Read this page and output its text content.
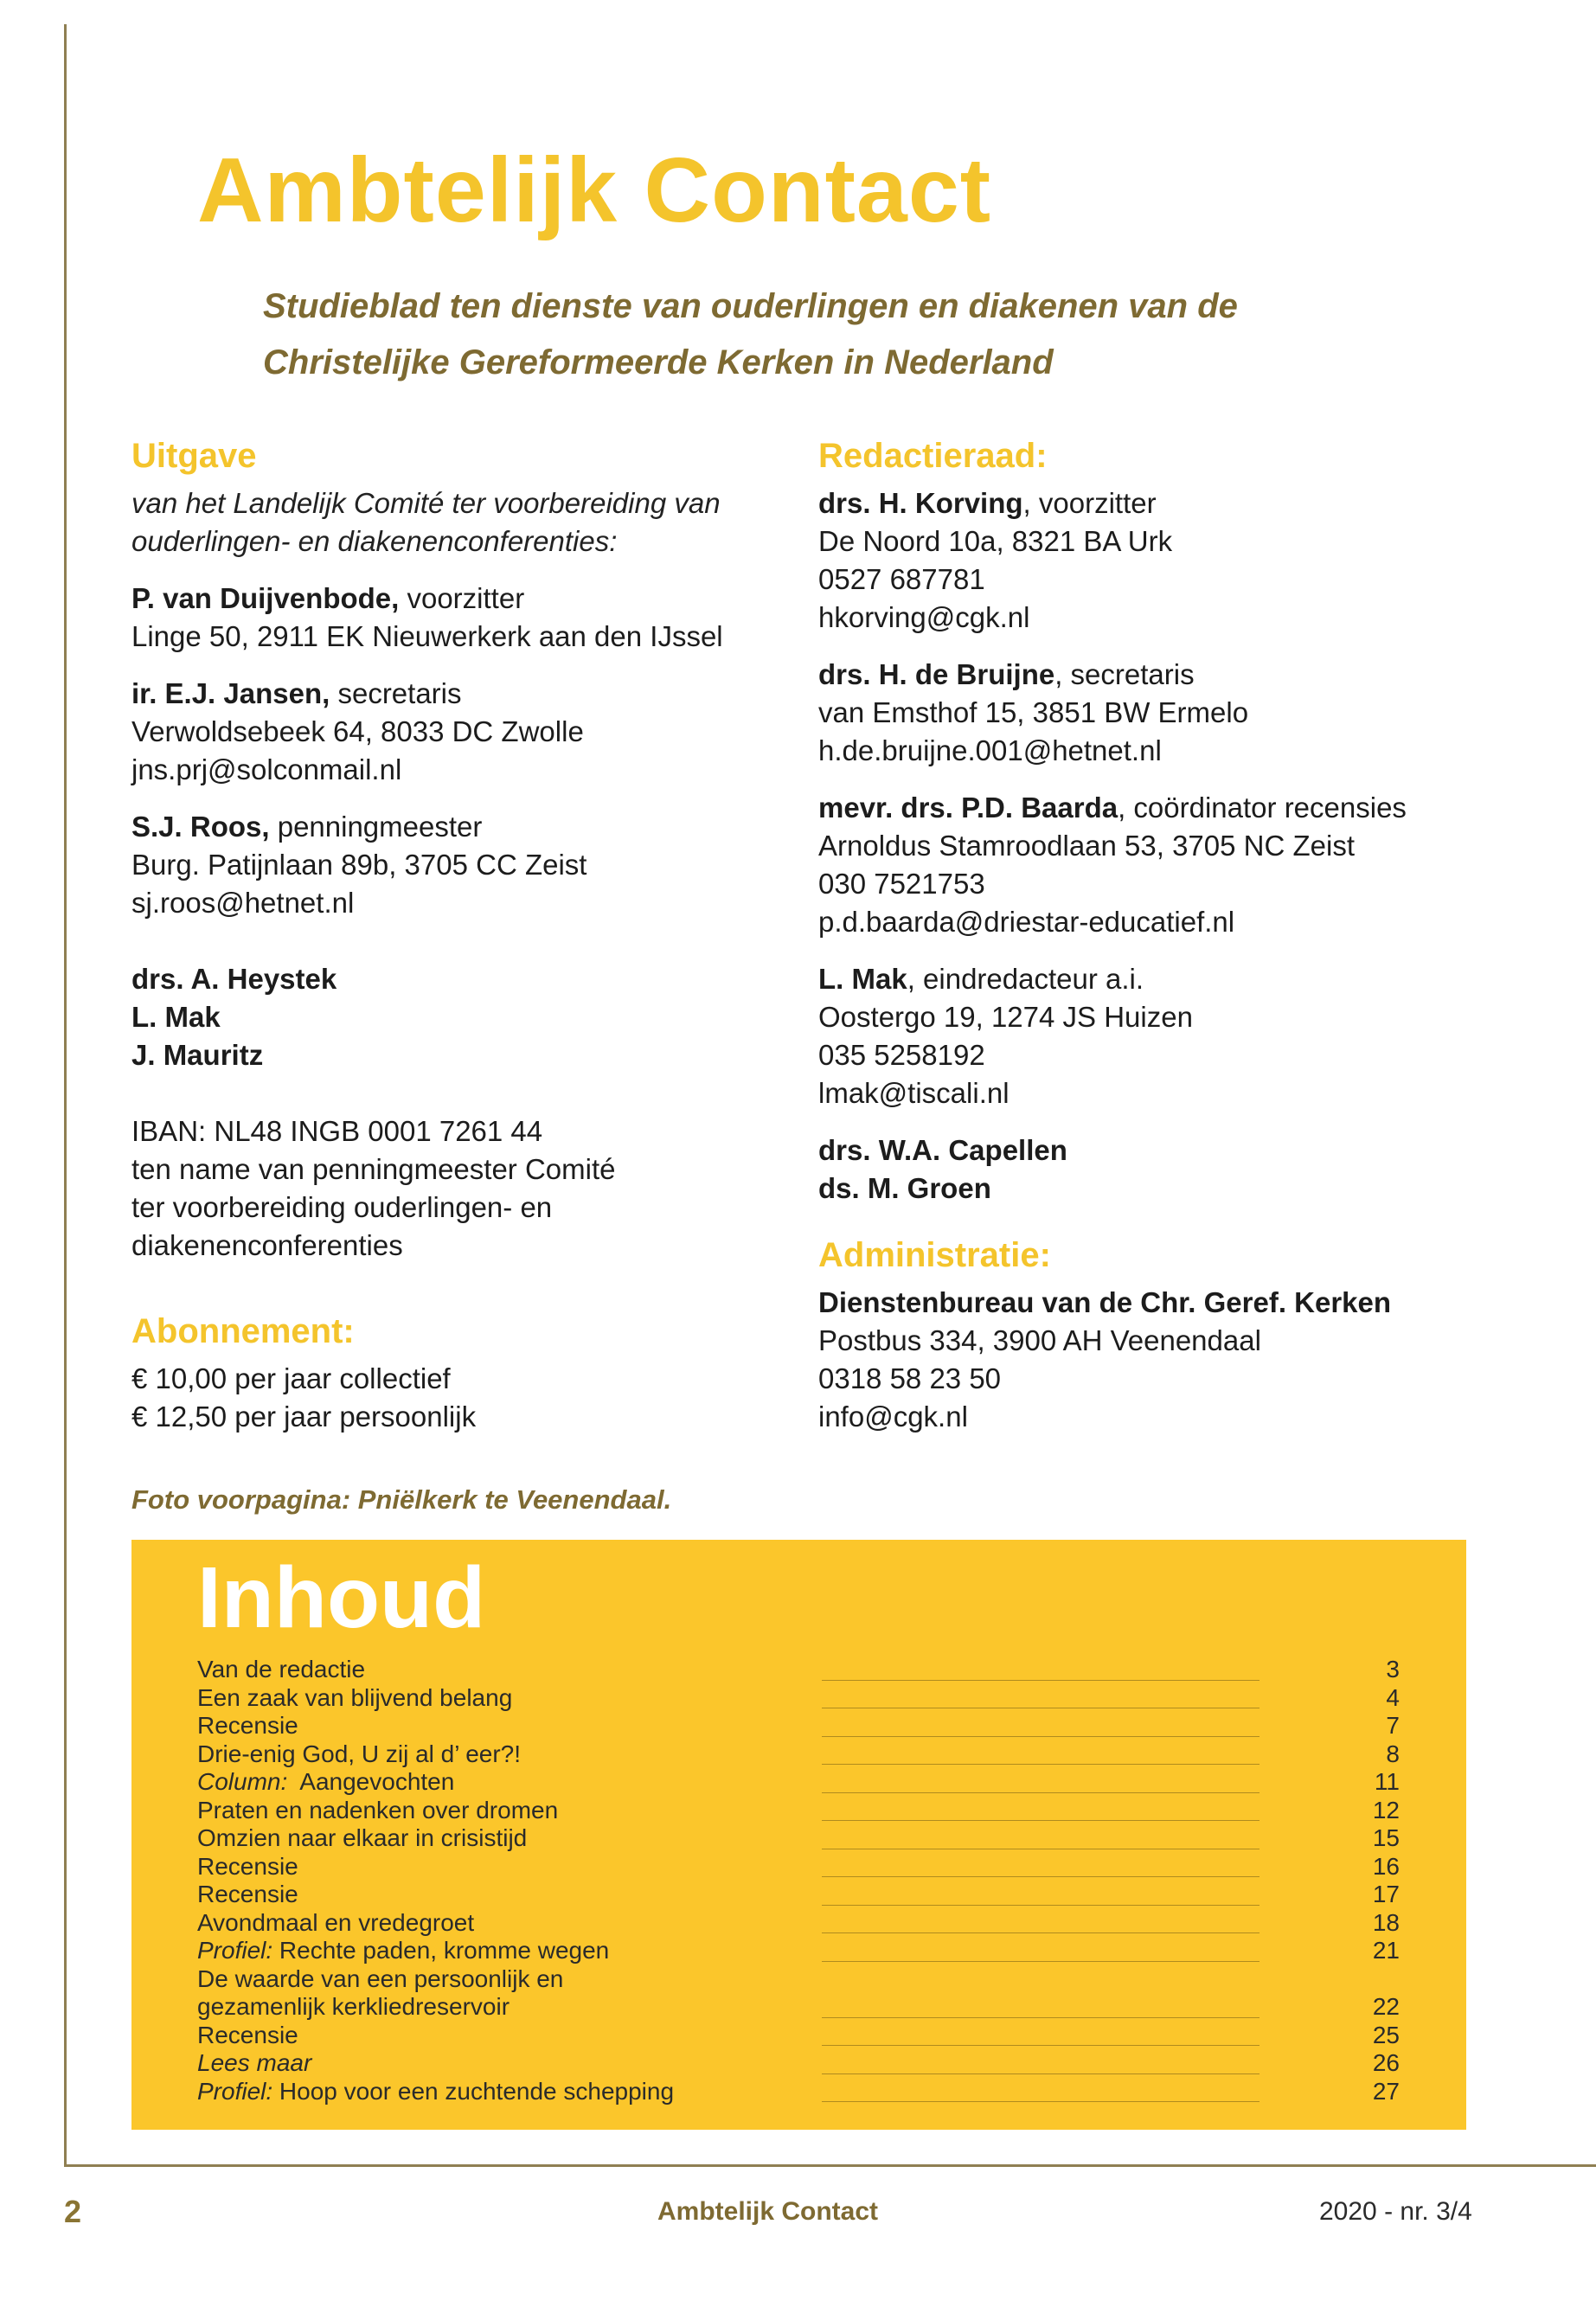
Ambtelijk Contact
Studieblad ten dienste van ouderlingen en diakenen van de
Christelijke Gereformeerde Kerken in Nederland
Uitgave
van het Landelijk Comité ter voorbereiding van
ouderlingen- en diakenenconferenties:
P. van Duijvenbode, voorzitter
Linge 50, 2911 EK Nieuwerkerk aan den IJssel
ir. E.J. Jansen, secretaris
Verwoldsebeek 64, 8033 DC Zwolle
jns.prj@solconmail.nl
S.J. Roos, penningmeester
Burg. Patijnlaan 89b, 3705 CC Zeist
sj.roos@hetnet.nl
drs. A. Heystek
L. Mak
J. Mauritz
IBAN: NL48 INGB 0001 7261 44
ten name van penningmeester Comité
ter voorbereiding ouderlingen- en
diakenenconferenties
Abonnement:
€ 10,00 per jaar collectief
€ 12,50 per jaar persoonlijk
Redactieraad:
drs. H. Korving, voorzitter
De Noord 10a, 8321 BA Urk
0527 687781
hkorving@cgk.nl
drs. H. de Bruijne, secretaris
van Emsthof 15, 3851 BW Ermelo
h.de.bruijne.001@hetnet.nl
mevr. drs. P.D. Baarda, coördinator recensies
Arnoldus Stamroodlaan 53, 3705 NC Zeist
030 7521753
p.d.baarda@driestar-educatief.nl
L. Mak, eindredacteur a.i.
Oostergo 19, 1274 JS Huizen
035 5258192
lmak@tiscali.nl
drs. W.A. Capellen
ds. M. Groen
Administratie:
Dienstenbureau van de Chr. Geref. Kerken
Postbus 334, 3900 AH Veenendaal
0318 58 23 50
info@cgk.nl
Foto voorpagina: Pniëlkerk te Veenendaal.
Inhoud
Van de redactie	3
Een zaak van blijvend belang	4
Recensie	7
Drie-enig God, U zij al d’ eer?!	8
Column:  Aangevochten	11
Praten en nadenken over dromen	12
Omzien naar elkaar in crisistijd	15
Recensie	16
Recensie	17
Avondmaal en vredegroet	18
Profiel: Rechte paden, kromme wegen	21
De waarde van een persoonlijk en
gezamenlijk kerkliedreservoir	22
Recensie	25
Lees maar	26
Profiel: Hoop voor een zuchtende schepping	27
2	Ambtelijk Contact	2020 - nr. 3/4
